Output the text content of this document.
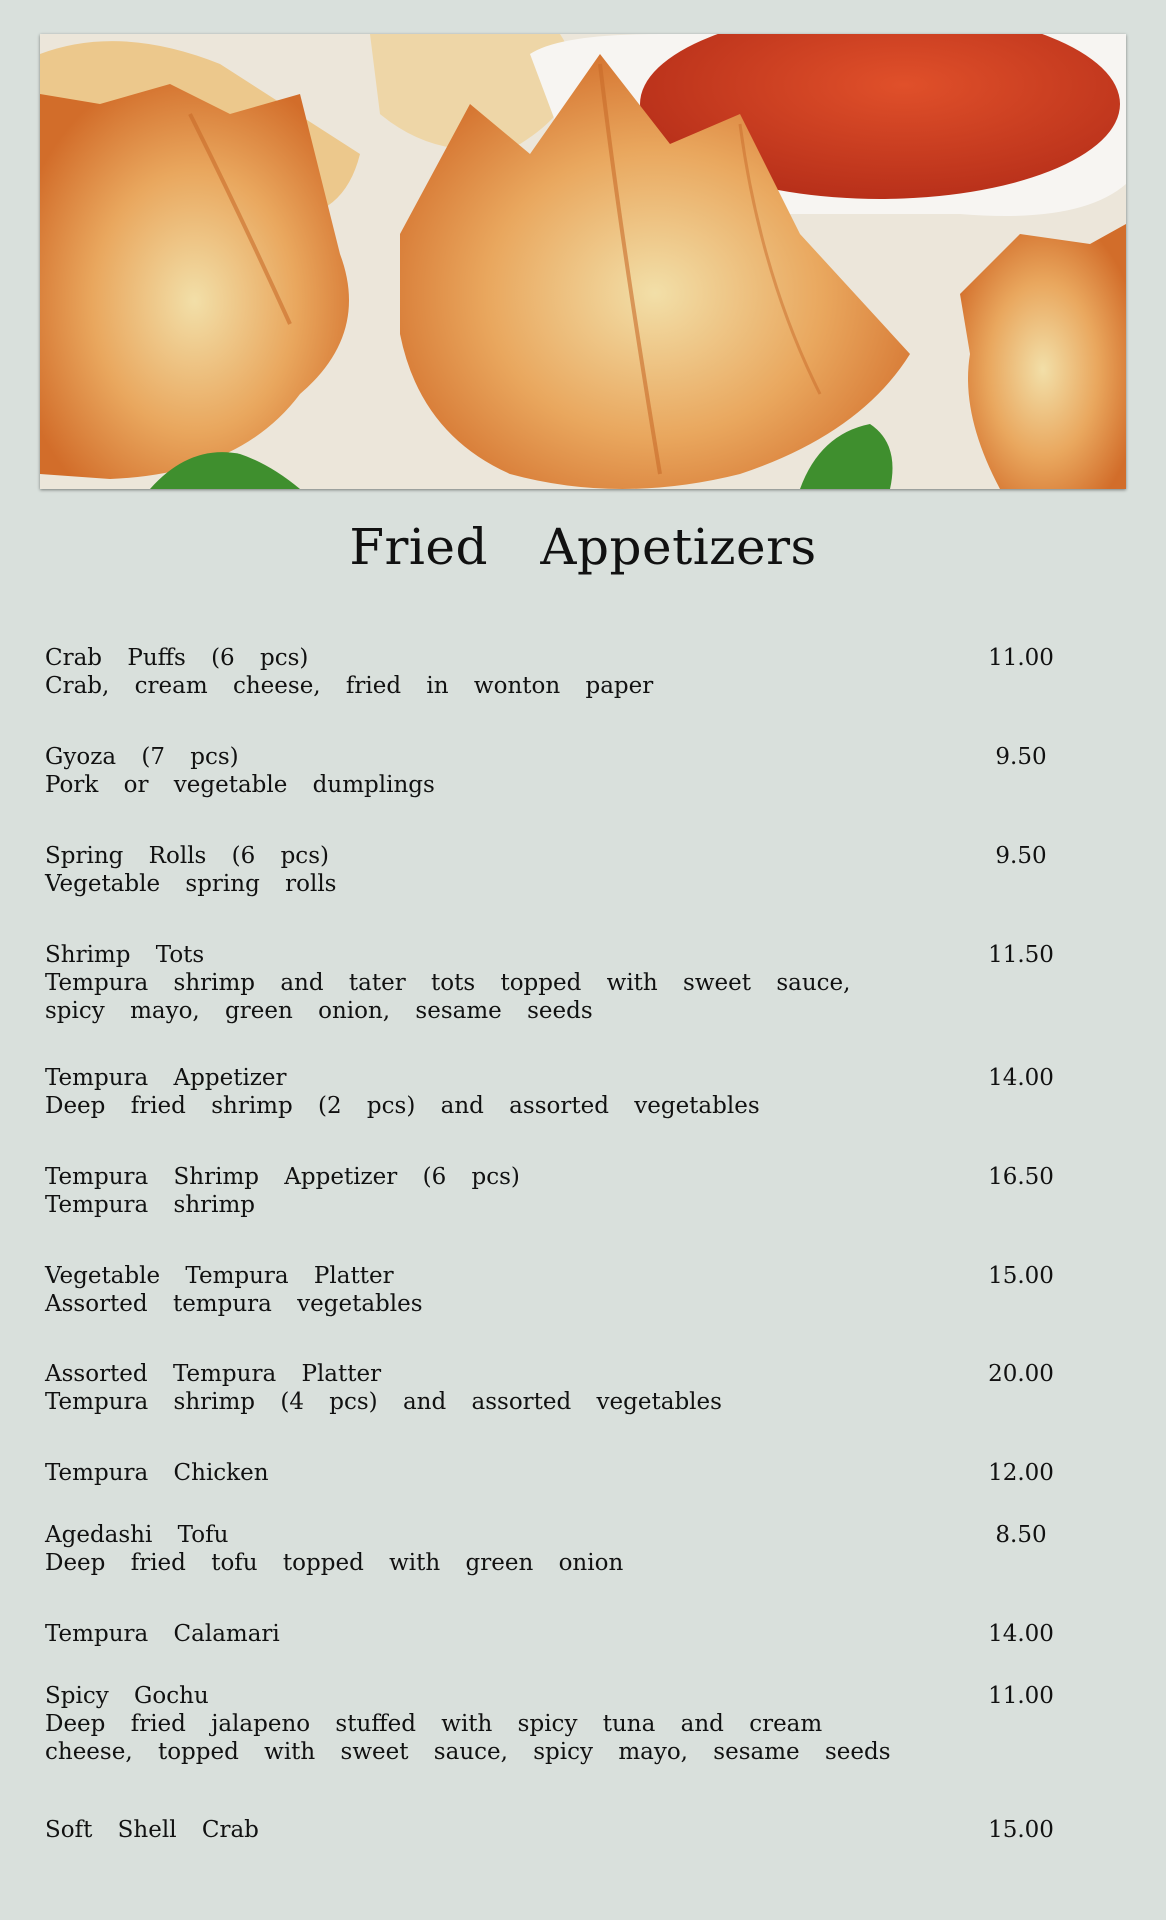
Fried Appetizers
Crab Puffs (6 pcs)
Crab, cream cheese, fried in wonton paper
11.00
Gyoza (7 pcs)
Pork or vegetable dumplings
9.50
Spring Rolls (6 pcs)
Vegetable spring rolls
9.50
Shrimp Tots
Tempura shrimp and tater tots topped with sweet sauce, spicy mayo, green onion, sesame seeds
11.50
Tempura Appetizer
Deep fried shrimp (2 pcs) and assorted vegetables
14.00
Tempura Shrimp Appetizer (6 pcs)
Tempura shrimp
16.50
Vegetable Tempura Platter
Assorted tempura vegetables
15.00
Assorted Tempura Platter
Tempura shrimp (4 pcs) and assorted vegetables
20.00
Tempura Chicken	12.00
Agedashi Tofu
Deep fried tofu topped with green onion
8.50
Tempura Calamari	14.00
Spicy Gochu
Deep fried jalapeno stuffed with spicy tuna and cream cheese, topped with sweet sauce, spicy mayo, sesame seeds
11.00
Soft Shell Crab	15.00
